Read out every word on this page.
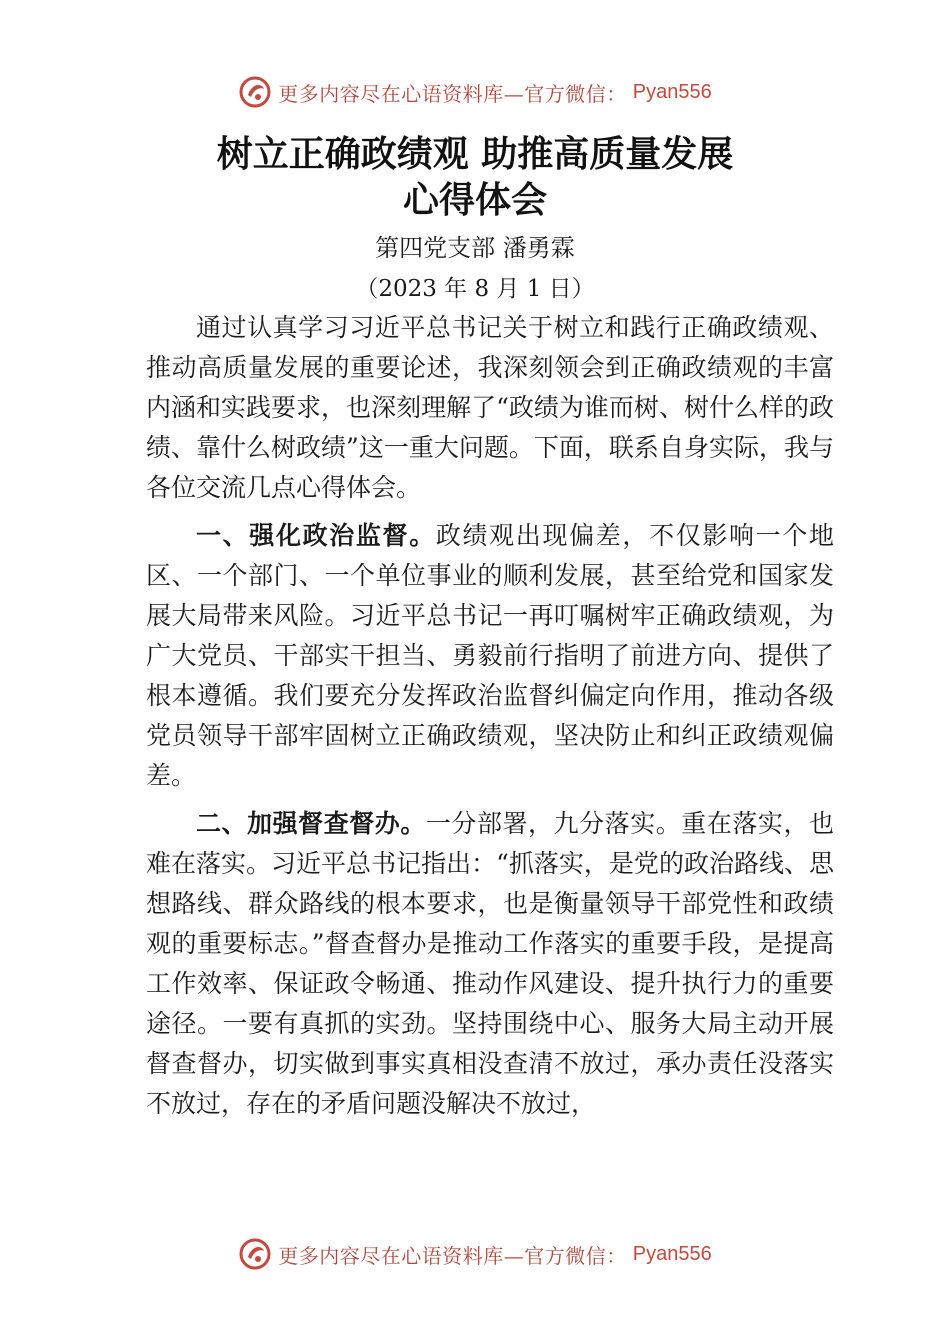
更多内容尽在心语资料库—官方微信： Pyan556
树立正确政绩观 助推高质量发展
心得体会
第四党支部 潘勇霖
（2023 年 8 月 1 日）

通过认真学习习近平总书记关于树立和践行正确政绩观、推动高质量发展的重要论述，我深刻领会到正确政绩观的丰富内涵和实践要求，也深刻理解了“政绩为谁而树、树什么样的政绩、靠什么树政绩”这一重大问题。下面，联系自身实际，我与各位交流几点心得体会。

一、强化政治监督。政绩观出现偏差，不仅影响一个地区、一个部门、一个单位事业的顺利发展，甚至给党和国家发展大局带来风险。习近平总书记一再叮嘱树牢正确政绩观，为广大党员、干部实干担当、勇毅前行指明了前进方向、提供了根本遵循。我们要充分发挥政治监督纠偏定向作用，推动各级党员领导干部牢固树立正确政绩观，坚决防止和纠正政绩观偏差。

二、加强督查督办。一分部署，九分落实。重在落实，也难在落实。习近平总书记指出：“抓落实，是党的政治路线、思想路线、群众路线的根本要求，也是衡量领导干部党性和政绩观的重要标志。”督查督办是推动工作落实的重要手段，是提高工作效率、保证政令畅通、推动作风建设、提升执行力的重要途径。一要有真抓的实劲。坚持围绕中心、服务大局主动开展督查督办，切实做到事实真相没查清不放过，承办责任没落实不放过，存在的矛盾问题没解决不放过，

更多内容尽在心语资料库—官方微信： Pyan556
